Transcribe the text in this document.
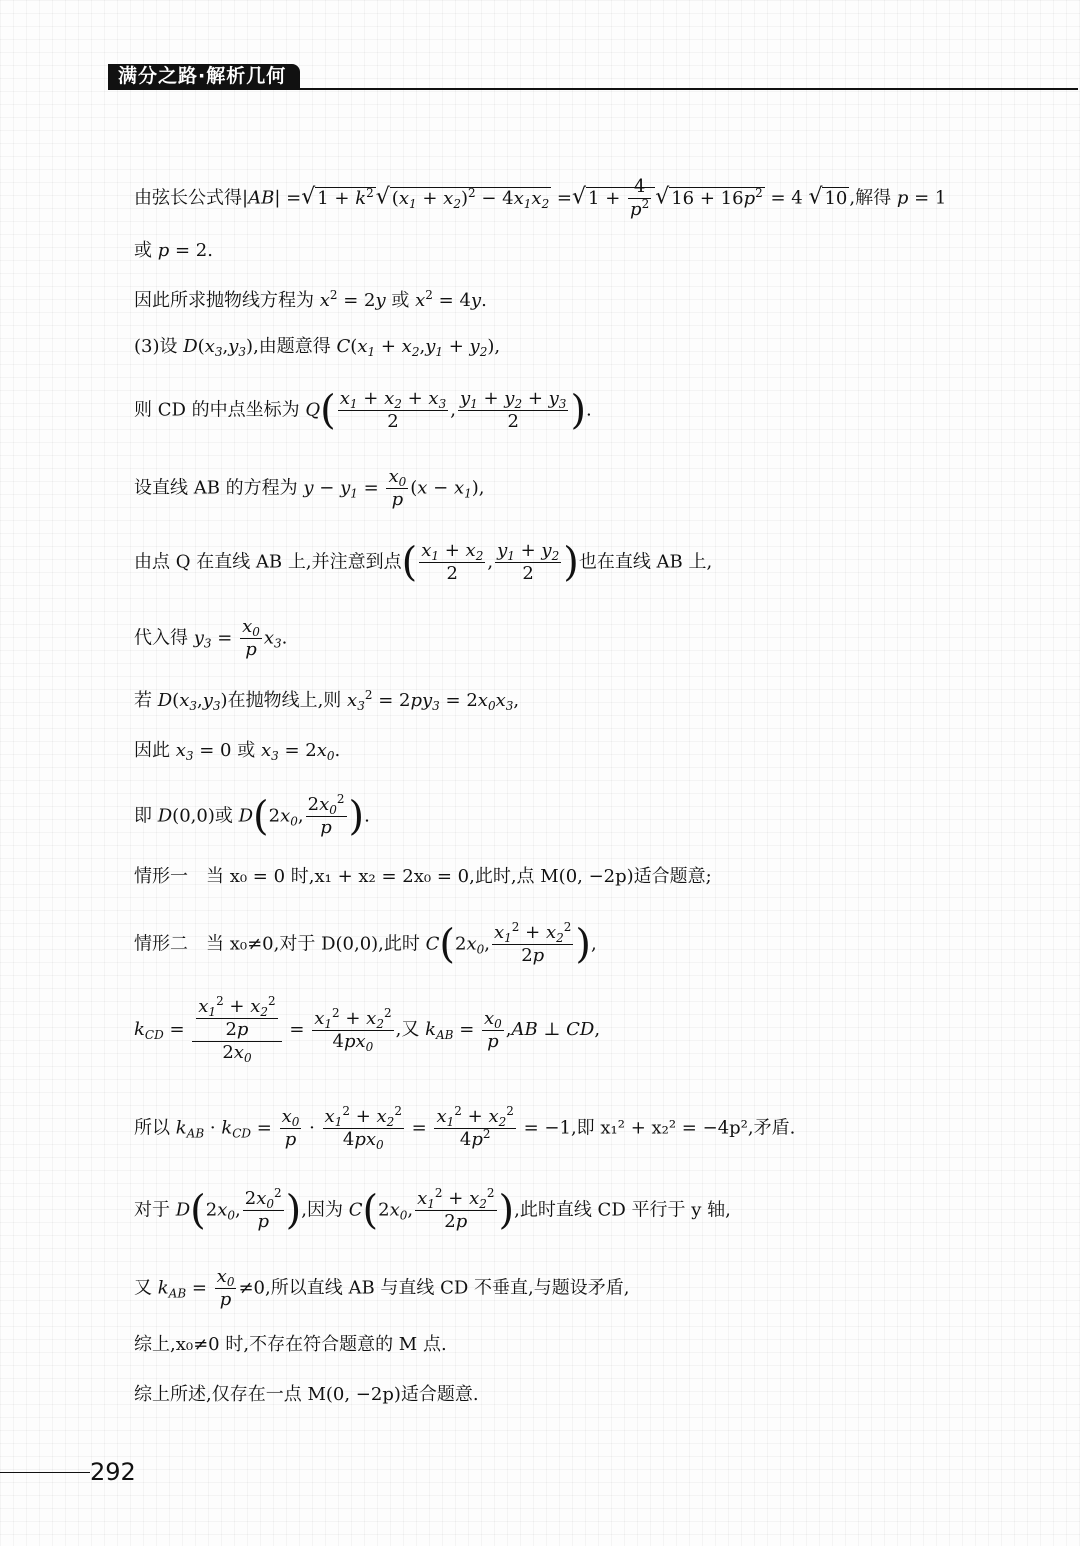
满分之路·解析几何
由弦长公式得|AB| =√ $1 + k^2√$ $(x_1 + x_2)^2 - 4x_1x_2$ =√ $1 + \frac{4}{p^2}$ √ $16 + 16p^2 = 4$ √ 10 ,解得 p = 1
或 p = 2.
因此所求抛物线方程为 $x^2 = 2y$ 或 $x^2 = 4y$.
(3)设 $D(x_3,y_3)$,由题意得 $C(x_1 + x_2,y_1 + y_2)$,
则 CD 的中点坐标为 $Q( \frac{x_1 + x_2 + x_3}{2}$ , $\frac{y_1 + y_2 + y_3}{2}$ ).
设直线 AB 的方程为 $y - y_1 = \frac{x_0}{p} (x - x_1)$,
由点 Q 在直线 AB 上,并注意到点( $\frac{x_1 + x_2}{2}$ , $\frac{y_1 + y_2}{2}$ )也在直线 AB 上,
代入得 $y_3 = \frac{x_0}{p} x_3$.
若 $D(x_3,y_3)$在抛物线上,则 $x_3^2 = 2py_3 = 2x_0x_3$,
因此 $x_3 = 0$ 或 $x_3 = 2x_0$.
即 D(0,0)或 $D(2x_0$, $\frac{2x_0^2}{p}$ ).
情形一　当 x₀ = 0 时,x₁ + x₂ = 2x₀ = 0,此时,点 M(0, −2p)适合题意;
情形二　当 x₀≠0,对于 D(0,0),此时 $C(2x_0$, $\frac{x_1^2 + x_2^2}{2p}$ ),
$k_{CD} = \frac{\frac{x_1^2 + x_2^2}{2p}}{2x_0} = \frac{x_1^2 + x_2^2}{4px_0}$ ,又 $k_{AB} = \frac{x_0}{p} ,AB$ ⊥ CD,
所以 $k_{AB} \cdot k_{CD} = \frac{x_0}{p} \cdot \frac{x_1^2 + x_2^2}{4px_0} = \frac{x_1^2 + x_2^2}{4p^2} = -1$,即 x₁² + x₂² = −4p²,矛盾.
对于 $D(2x_0$, $\frac{2x_0^2}{p}$ ),因为 $C(2x_0$, $\frac{x_1^2 + x_2^2}{2p}$ ),此时直线 CD 平行于 y 轴,
又 $k_{AB} = \frac{x_0}{p} \ne 0$,所以直线 AB 与直线 CD 不垂直,与题设矛盾,
综上,x₀≠0 时,不存在符合题意的 M 点.
综上所述,仅存在一点 M(0, −2p)适合题意.
292
